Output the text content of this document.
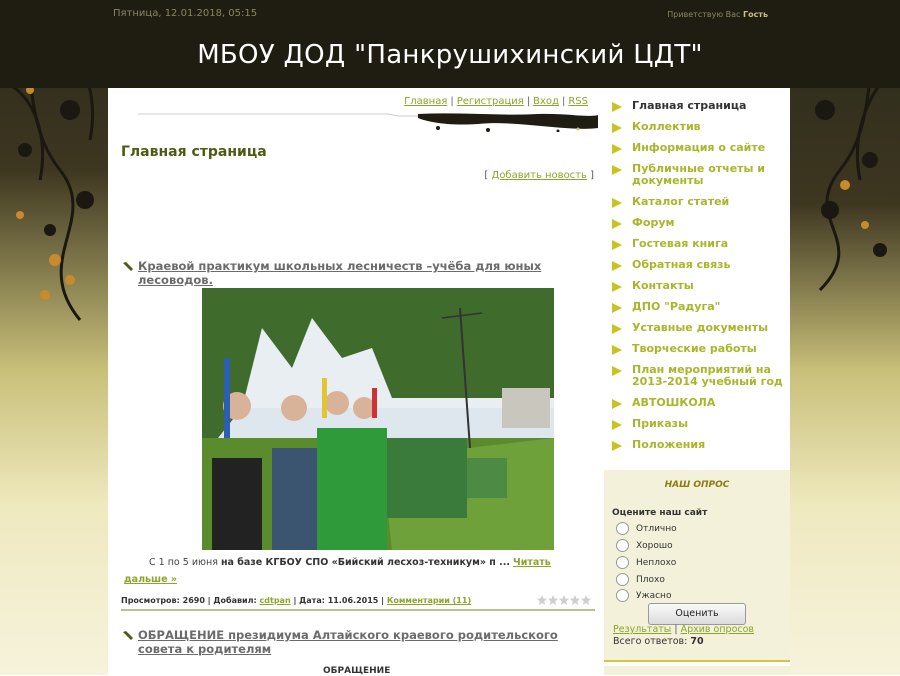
Пятница, 12.01.2018, 05:15	Приветствую Вас Гость
МБОУ ДОД "Панкрушихинский ЦДТ"
Главная | Регистрация | Вход | RSS
Главная страница
[ Добавить новость ]
Краевой практикум школьных лесничеств –учёба для юных
лесоводов.
С 1 по 5 июня на базе КГБОУ СПО «Бийский лесхоз-техникум» п ... Читать дальше »
Просмотров: 2690 | Добавил: cdtpan | Дата: 11.06.2015 | Комментарии (11)
ОБРАЩЕНИЕ президиума Алтайского краевого родительского
совета к родителям
ОБРАЩЕНИЕ
Главная страница
Коллектив
Информация о сайте
Публичные отчеты и документы
Каталог статей
Форум
Гостевая книга
Обратная связь
Контакты
ДПО "Радуга"
Уставные документы
Творческие работы
План мероприятий на 2013-2014 учебный год
АВТОШКОЛА
Приказы
Положения
НАШ ОПРОС
Оцените наш сайт
Отлично
Хорошо
Неплохо
Плохо
Ужасно
Оценить
Результаты | Архив опросов
Всего ответов: 70
